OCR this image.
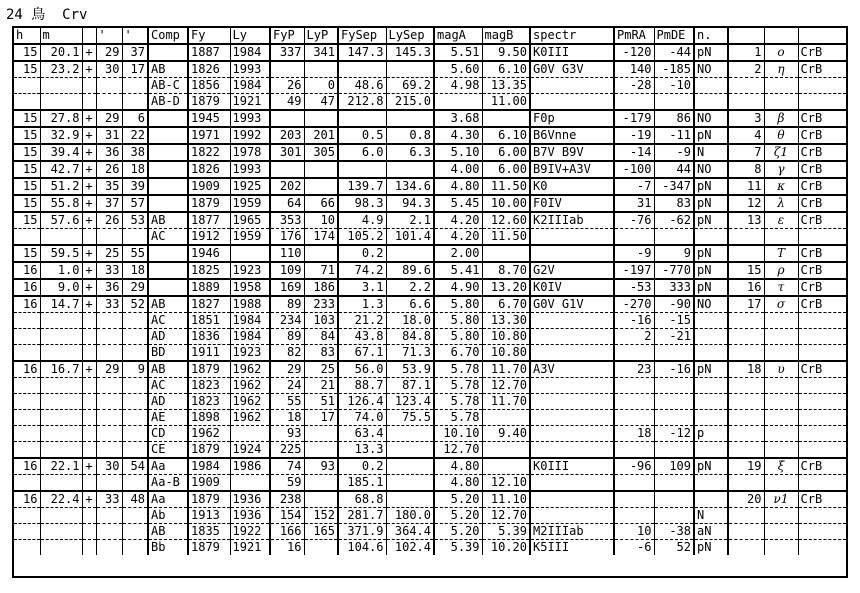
24 鳥  Crv
h	m		'	'	Comp	Fy	Ly	FyP	LyP	FySep	LySep	magA	magB	spectr	PmRA	PmDE	n.			
15	20.1	+	29	37		1887	1984	337	341	147.3	145.3	5.51	9.50	K0III	-120	-44	pN	1	ο	CrB
15	23.2	+	30	17	AB	1826	1993					5.60	6.10	G0V G3V	140	-185	NO	2	η	CrB
					AB-C	1856	1984	26	0	48.6	69.2	4.98	13.35		-28	-10				
					AB-D	1879	1921	49	47	212.8	215.0		11.00							
15	27.8	+	29	6		1945	1993					3.68		F0p	-179	86	NO	3	β	CrB
15	32.9	+	31	22		1971	1992	203	201	0.5	0.8	4.30	6.10	B6Vnne	-19	-11	pN	4	θ	CrB
15	39.4	+	36	38		1822	1978	301	305	6.0	6.3	5.10	6.00	B7V B9V	-14	-9	N	7	ζ1	CrB
15	42.7	+	26	18		1826	1993					4.00	6.00	B9IV+A3V	-100	44	NO	8	γ	CrB
15	51.2	+	35	39		1909	1925	202		139.7	134.6	4.80	11.50	K0	-7	-347	pN	11	κ	CrB
15	55.8	+	37	57		1879	1959	64	66	98.3	94.3	5.45	10.00	F0IV	31	83	pN	12	λ	CrB
15	57.6	+	26	53	AB	1877	1965	353	10	4.9	2.1	4.20	12.60	K2IIIab	-76	-62	pN	13	ε	CrB
					AC	1912	1959	176	174	105.2	101.4	4.20	11.50							
15	59.5	+	25	55		1946		110		0.2		2.00			-9	9	pN		T	CrB
16	1.0	+	33	18		1825	1923	109	71	74.2	89.6	5.41	8.70	G2V	-197	-770	pN	15	ρ	CrB
16	9.0	+	36	29		1889	1958	169	186	3.1	2.2	4.90	13.20	K0IV	-53	333	pN	16	τ	CrB
16	14.7	+	33	52	AB	1827	1988	89	233	1.3	6.6	5.80	6.70	G0V G1V	-270	-90	NO	17	σ	CrB
					AC	1851	1984	234	103	21.2	18.0	5.80	13.30		-16	-15				
					AD	1836	1984	89	84	43.8	84.8	5.80	10.80		2	-21				
					BD	1911	1923	82	83	67.1	71.3	6.70	10.80							
16	16.7	+	29	9	AB	1879	1962	29	25	56.0	53.9	5.78	11.70	A3V	23	-16	pN	18	υ	CrB
					AC	1823	1962	24	21	88.7	87.1	5.78	12.70							
					AD	1823	1962	55	51	126.4	123.4	5.78	11.70							
					AE	1898	1962	18	17	74.0	75.5	5.78								
					CD	1962		93		63.4		10.10	9.40		18	-12	p			
					CE	1879	1924	225		13.3		12.70								
16	22.1	+	30	54	Aa	1984	1986	74	93	0.2		4.80		K0III	-96	109	pN	19	ξ	CrB
					Aa-B	1909		59		185.1		4.80	12.10							
16	22.4	+	33	48	Aa	1879	1936	238		68.8		5.20	11.10					20	ν1	CrB
					Ab	1913	1936	154	152	281.7	180.0	5.20	12.70				N			
					AB	1835	1922	166	165	371.9	364.4	5.20	5.39	M2IIIab	10	-38	aN			
					Bb	1879	1921	16		104.6	102.4	5.39	10.20	K5III	-6	52	pN			
